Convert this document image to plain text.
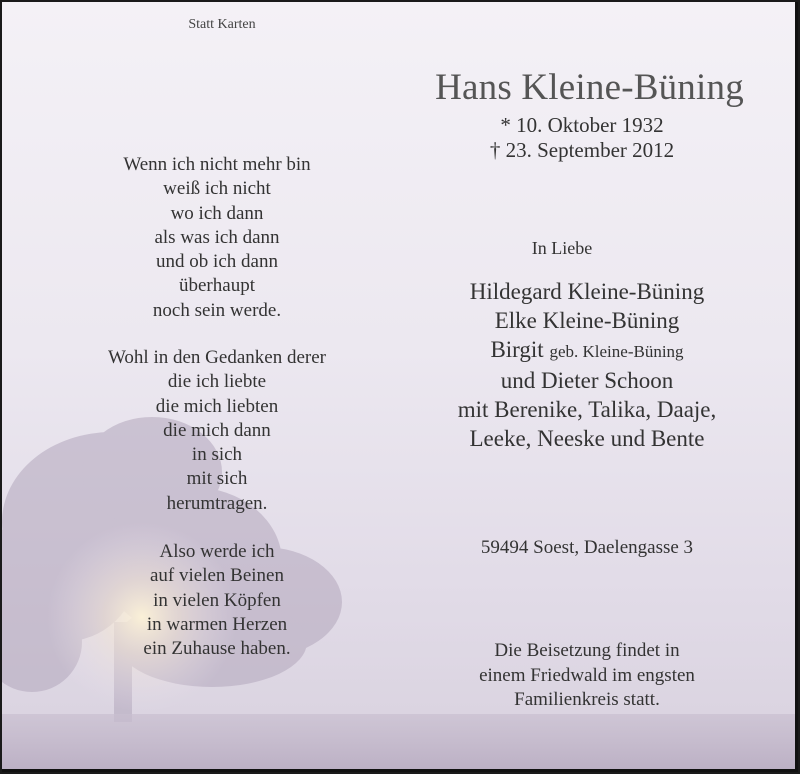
Statt Karten
Hans Kleine-Büning
* 10. Oktober 1932
† 23. September 2012
Wenn ich nicht mehr bin
weiß ich nicht
wo ich dann
als was ich dann
und ob ich dann
überhaupt
noch sein werde.
Wohl in den Gedanken derer
die ich liebte
die mich liebten
die mich dann
in sich
mit sich
herumtragen.
Also werde ich
auf vielen Beinen
in vielen Köpfen
in warmen Herzen
ein Zuhause haben.
In Liebe
Hildegard Kleine-Büning
Elke Kleine-Büning
Birgit geb. Kleine-Büning
und Dieter Schoon
mit Berenike, Talika, Daaje,
Leeke, Neeske und Bente
59494 Soest, Daelengasse 3
Die Beisetzung findet in
einem Friedwald im engsten
Familienkreis statt.
